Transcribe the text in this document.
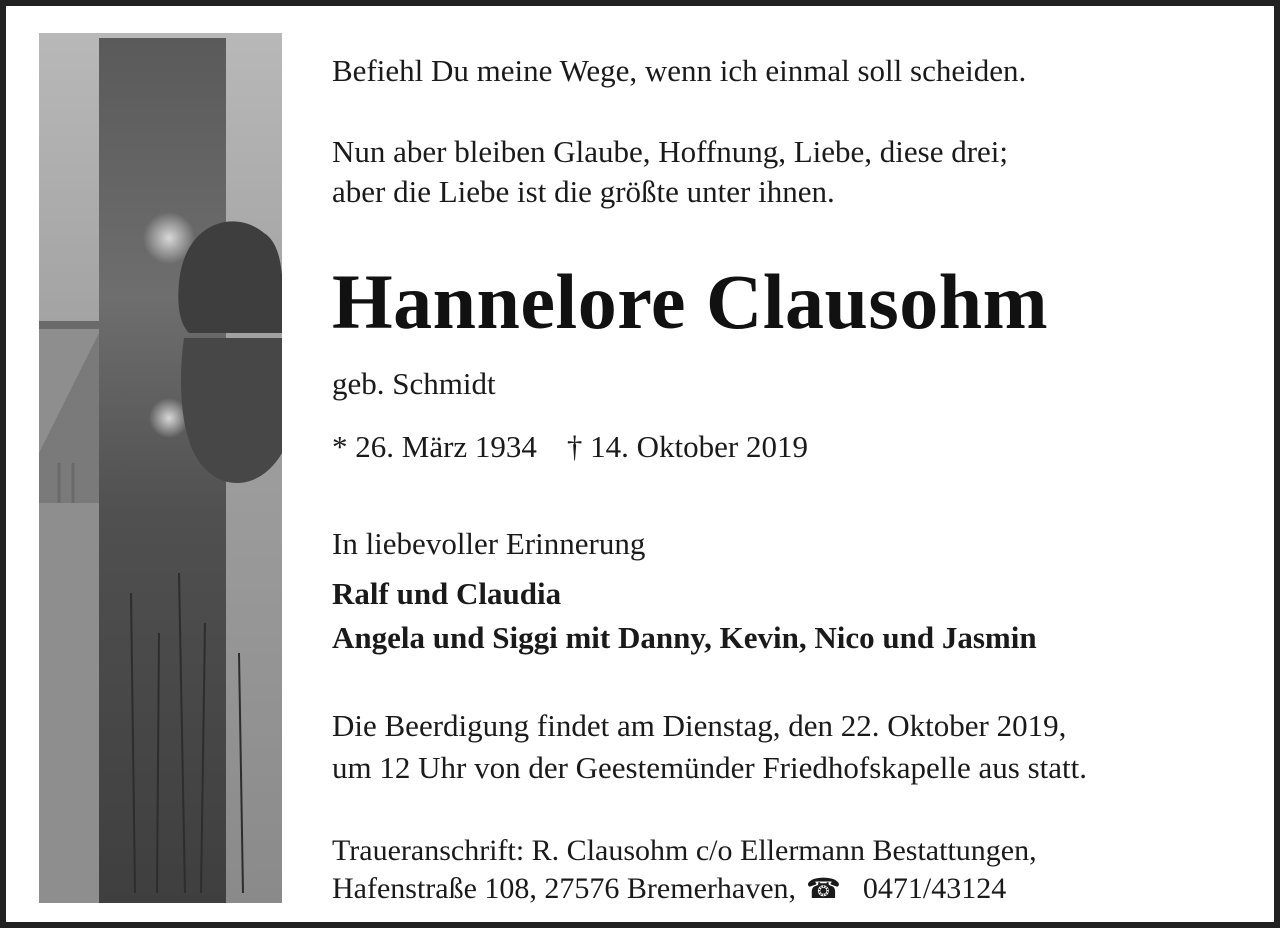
Befiehl Du meine Wege, wenn ich einmal soll scheiden.
Nun aber bleiben Glaube, Hoffnung, Liebe, diese drei;
aber die Liebe ist die größte unter ihnen.
Hannelore Clausohm
geb. Schmidt
* 26. März 1934 † 14. Oktober 2019
In liebevoller Erinnerung
Ralf und Claudia
Angela und Siggi mit Danny, Kevin, Nico und Jasmin
Die Beerdigung findet am Dienstag, den 22. Oktober 2019,
um 12 Uhr von der Geestemünder Friedhofskapelle aus statt.
Traueranschrift: R. Clausohm c/o Ellermann Bestattungen,
Hafenstraße 108, 27576 Bremerhaven, ☎ 0471/43124
